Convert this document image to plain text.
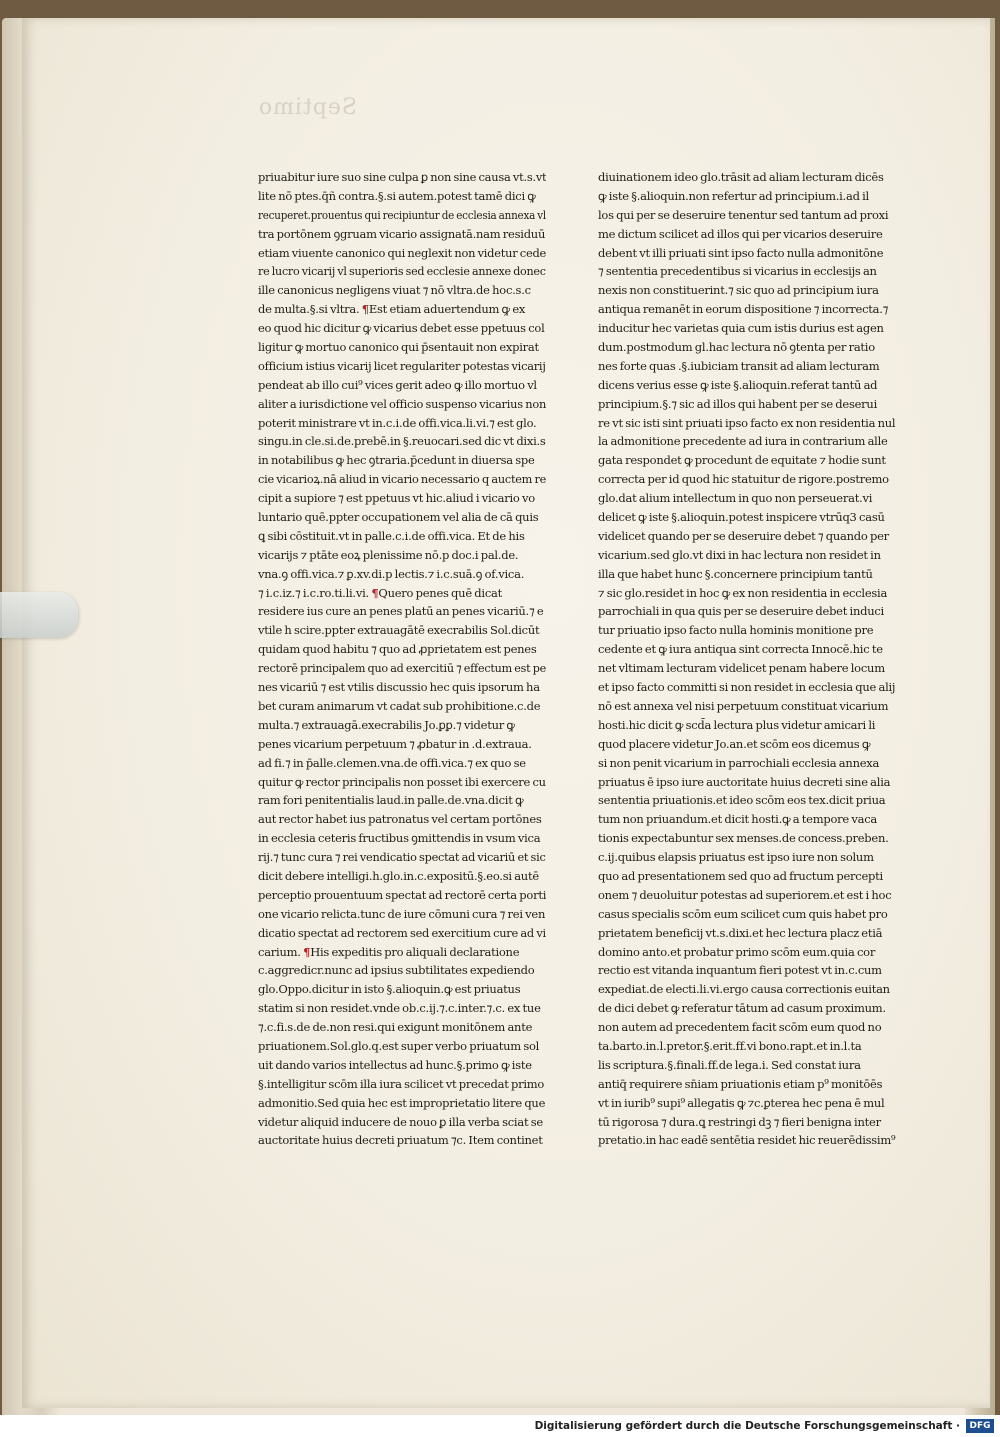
Septimo
priuabitur iure suo sine culpa ꝑ non sine causa vt.s.vt
lite nō ptes.q̄ñ contra.§.si autem.potest tamē dici ꝙ
recuperet.prouentus qui recipiuntur de ecclesia annexa vl
tra portōnem ꝯgruam vicario assignatā.nam residuū
etiam viuente canonico qui neglexit non videtur cede
re lucro vicarij vl superioris sed ecclesie annexe donec
ille canonicus negligens viuat ⁊ nō vltra.de hoc.s.c
de multa.§.si vltra. ¶Est etiam aduertendum ꝙ ex
eo quod hic dicitur ꝙ vicarius debet esse ppetuus col
ligitur ꝙ mortuo canonico qui p̄sentauit non expirat
officium istius vicarij licet regulariter potestas vicarij
pendeat ab illo cui⁹ vices gerit adeo ꝙ illo mortuo vl
aliter a iurisdictione vel officio suspenso vicarius non
poterit ministrare vt in.c.i.de offi.vica.li.vi.⁊ est glo.
singu.in cle.si.de.prebē.in §.reuocari.sed dic vt dixi.s
in notabilibus ꝙ hec ꝯtraria.p̄cedunt in diuersa spe
cie vicarioꝝ.nā aliud in vicario necessario q auctem re
cipit a supiore ⁊ est ppetuus vt hic.aliud i vicario vo
luntario quē.ppter occupationem vel alia de cā quis
ꝗ sibi cōstituit.vt in palle.c.i.de offi.vica. Et de his
vicarijs ⁊ ptāte eoꝝ plenissime nō.p doc.i pal.de.
vna.ꝯ offi.vica.⁊ ꝑ.xv.di.p lectis.⁊ i.c.suā.ꝯ of.vica.
⁊ i.c.iz.⁊ i.c.ro.ti.li.vi. ¶Quero penes quē dicat
residere ius cure an penes platū an penes vicariū.⁊ e
vtile h scire.ppter extrauagātē execrabilis Sol.dicūt
quidam quod habitu ⁊ quo ad ꝓprietatem est penes
rectorē principalem quo ad exercitiū ⁊ effectum est pe
nes vicariū ⁊ est vtilis discussio hec quis ipsorum ha
bet curam animarum vt cadat sub prohibitione.c.de
multa.⁊ extrauagā.execrabilis Jo.ꝑꝑ.⁊ videtur ꝙ
penes vicarium perpetuum ⁊ ꝓbatur in .d.extraua.
ad fi.⁊ in p̄alle.clemen.vna.de offi.vica.⁊ ex quo se
quitur ꝙ rector principalis non posset ibi exercere cu
ram fori penitentialis laud.in palle.de.vna.dicit ꝙ
aut rector habet ius patronatus vel certam portōnes
in ecclesia ceteris fructibus ꝯmittendis in vsum vica
rij.⁊ tunc cura ⁊ rei vendicatio spectat ad vicariū et sic
dicit debere intelligi.h.glo.in.c.expositū.§.eo.si autē
perceptio prouentuum spectat ad rectorē certa porti
one vicario relicta.tunc de iure cōmuni cura ⁊ rei ven
dicatio spectat ad rectorem sed exercitium cure ad vi
carium. ¶His expeditis pro aliquali declaratione
c.aggredicr.nunc ad ipsius subtilitates expediendo
glo.Oppo.dicitur in isto §.alioquin.ꝙ est priuatus
statim si non residet.vnde ob.c.ij.⁊.c.inter.⁊.c. ex tue
⁊.c.fi.s.de de.non resi.qui exigunt monitōnem ante
priuationem.Sol.glo.q.est super verbo priuatum sol
uit dando varios intellectus ad hunc.§.primo ꝙ iste
§.intelligitur scōm illa iura scilicet vt precedat primo
admonitio.Sed quia hec est improprietatio litere que
videtur aliquid inducere de nouo ꝑ illa verba sciat se
auctoritate huius decreti priuatum ⁊c. Item continet
diuinationem ideo glo.trāsit ad aliam lecturam dicēs
ꝙ iste §.alioquin.non refertur ad principium.i.ad il
los qui per se deseruire tenentur sed tantum ad proxi
me dictum scilicet ad illos qui per vicarios deseruire
debent vt illi priuati sint ipso facto nulla admonitōne
⁊ sententia precedentibus si vicarius in ecclesijs an
nexis non constituerint.⁊ sic quo ad principium iura
antiqua remanēt in eorum dispositione ⁊ incorrecta.⁊
inducitur hec varietas quia cum istis durius est agen
dum.postmodum gl.hac lectura nō ꝯtenta per ratio
nes forte quas .§.iubiciam transit ad aliam lecturam
dicens verius esse ꝙ iste §.alioquin.referat tantū ad
principium.§.⁊ sic ad illos qui habent per se deserui
re vt sic isti sint priuati ipso facto ex non residentia nul
la admonitione precedente ad iura in contrarium alle
gata respondet ꝙ procedunt de equitate ⁊ hodie sunt
correcta per id quod hic statuitur de rigore.postremo
glo.dat alium intellectum in quo non perseuerat.vi
delicet ꝙ iste §.alioquin.potest inspicere vtrūq3 casū
videlicet quando per se deseruire debet ⁊ quando per
vicarium.sed glo.vt dixi in hac lectura non residet in
illa que habet hunc §.concernere principium tantū
⁊ sic glo.residet in hoc ꝙ ex non residentia in ecclesia
parrochiali in qua quis per se deseruire debet induci
tur priuatio ipso facto nulla hominis monitione pre
cedente et ꝙ iura antiqua sint correcta Innocē.hic te
net vltimam lecturam videlicet penam habere locum
et ipso facto committi si non residet in ecclesia que alij
nō est annexa vel nisi perpetuum constituat vicarium
hosti.hic dicit ꝙ scd̄a lectura plus videtur amicari li
quod placere videtur Jo.an.et scōm eos dicemus ꝙ
si non penit vicarium in parrochiali ecclesia annexa
priuatus ē ipso iure auctoritate huius decreti sine alia
sententia priuationis.et ideo scōm eos tex.dicit priua
tum non priuandum.et dicit hosti.ꝙ a tempore vaca
tionis expectabuntur sex menses.de concess.preben.
c.ij.quibus elapsis priuatus est ipso iure non solum
quo ad presentationem sed quo ad fructum percepti
onem ⁊ deuoluitur potestas ad superiorem.et est i hoc
casus specialis scōm eum scilicet cum quis habet pro
prietatem beneficij vt.s.dixi.et hec lectura placz etiā
domino anto.et probatur primo scōm eum.quia cor
rectio est vitanda inquantum fieri potest vt in.c.cum
expediat.de electi.li.vi.ergo causa correctionis euitan
de dici debet ꝙ referatur tātum ad casum proximum.
non autem ad precedentem facit scōm eum quod no
ta.barto.in.l.pretor.§.erit.ff.vi bono.rapt.et in.l.ta
lis scriptura.§.finali.ff.de lega.i. Sed constat iura
antiq̄ requirere sn̄iam priuationis etiam p⁹ monitōēs
vt in iurib⁹ supi⁹ allegatis ꝙ ⁊c.ꝑterea hec pena ē mul
tū rigorosa ⁊ dura.ꝗ restringi dꝫ ⁊ fieri benigna inter
pretatio.in hac eadē sentētia residet hic reuerēdissim⁹
Digitalisierung gefördert durch die Deutsche Forschungsgemeinschaft ·	DFG
